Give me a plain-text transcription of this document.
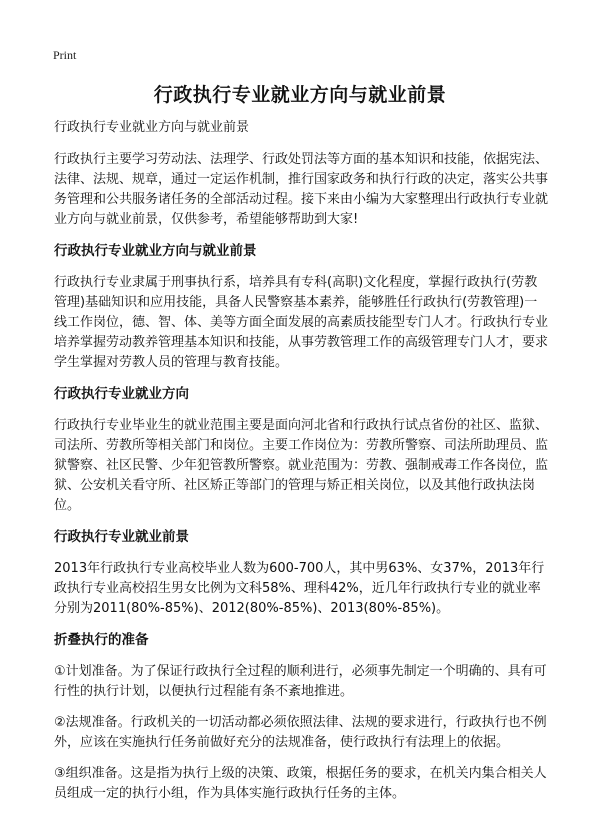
Print
行政执行专业就业方向与就业前景

行政执行专业就业方向与就业前景

行政执行主要学习劳动法、法理学、行政处罚法等方面的基本知识和技能，依据宪法、法律、法规、规章，通过一定运作机制，推行国家政务和执行行政的决定，落实公共事务管理和公共服务诸任务的全部活动过程。接下来由小编为大家整理出行政执行专业就业方向与就业前景，仅供参考，希望能够帮助到大家!

行政执行专业就业方向与就业前景

行政执行专业隶属于刑事执行系，培养具有专科(高职)文化程度，掌握行政执行(劳教管理)基础知识和应用技能，具备人民警察基本素养，能够胜任行政执行(劳教管理)一线工作岗位，德、智、体、美等方面全面发展的高素质技能型专门人才。行政执行专业培养掌握劳动教养管理基本知识和技能，从事劳教管理工作的高级管理专门人才，要求学生掌握对劳教人员的管理与教育技能。

行政执行专业就业方向

行政执行专业毕业生的就业范围主要是面向河北省和行政执行试点省份的社区、监狱、司法所、劳教所等相关部门和岗位。主要工作岗位为：劳教所警察、司法所助理员、监狱警察、社区民警、少年犯管教所警察。就业范围为：劳教、强制戒毒工作各岗位，监狱、公安机关看守所、社区矫正等部门的管理与矫正相关岗位，以及其他行政执法岗位。

行政执行专业就业前景

2013年行政执行专业高校毕业人数为600-700人，其中男63%、女37%，2013年行政执行专业高校招生男女比例为文科58%、理科42%，近几年行政执行专业的就业率分别为2011(80%-85%)、2012(80%-85%)、2013(80%-85%)。

折叠执行的准备

①计划准备。为了保证行政执行全过程的顺利进行，必须事先制定一个明确的、具有可行性的执行计划，以便执行过程能有条不紊地推进。

②法规准备。行政机关的一切活动都必须依照法律、法规的要求进行，行政执行也不例外，应该在实施执行任务前做好充分的法规准备，使行政执行有法理上的依据。

③组织准备。这是指为执行上级的决策、政策，根据任务的要求，在机关内集合相关人员组成一定的执行小组，作为具体实施行政执行任务的主体。
